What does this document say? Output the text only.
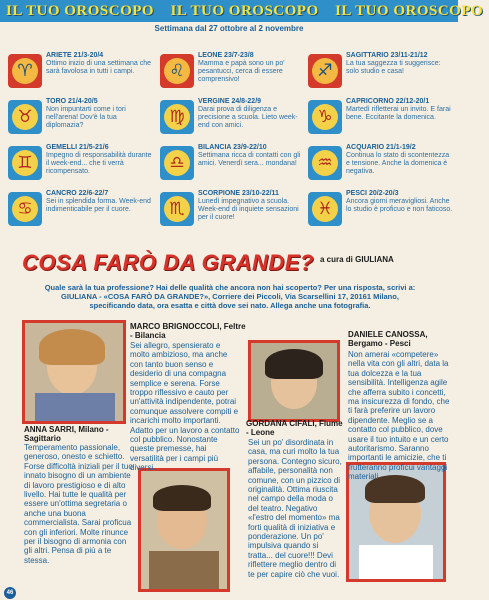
IL TUO OROSCOPO IL TUO OROSCOPO IL TUO OROSCOPO
Settimana dal 27 ottobre al 2 novembre
♈
ARIETE 21/3-20/4
Ottimo inizio di una settimana che sarà favolosa in tutti i campi.
♉
TORO 21/4-20/5
Non impuntarti come i tori nell'arena! Dov'è la tua diplomazia?
♊
GEMELLI 21/5-21/6
Impegno di responsabilità durante il week-end... che ti verrà ricompensato.
♋
CANCRO 22/6-22/7
Sei in splendida forma. Week-end indimenticabile per il cuore.
♌
LEONE 23/7-23/8
Mamma e papà sono un po' pesantucci, cerca di essere comprensivo!
♍
VERGINE 24/8-22/9
Darai prova di diligenza e precisione a scuola. Lieto week-end con amici.
♎
BILANCIA 23/9-22/10
Settimana ricca di contatti con gli amici. Venerdì sera... mondana!
♏
SCORPIONE 23/10-22/11
Lunedì impegnativo a scuola. Week-end di inquiete sensazioni per il cuore!
♐
SAGITTARIO 23/11-21/12
La tua saggezza ti suggerisce: solo studio e casa!
♑
CAPRICORNO 22/12-20/1
Martedì rifletterai un invito. E farai bene. Eccitante la domenica.
♒
ACQUARIO 21/1-19/2
Continua lo stato di scontentezza e tensione. Anche la domenica è negativa.
♓
PESCI 20/2-20/3
Ancora giorni meravigliosi. Anche lo studio è proficuo e non faticoso.
COSA FARÒ DA GRANDE? a cura di GIULIANA
Quale sarà la tua professione? Hai delle qualità che ancora non hai scoperto? Per una risposta, scrivi a: GIULIANA - «COSA FARÒ DA GRANDE?», Corriere dei Piccoli, Via Scarsellini 17, 20161 Milano, specificando data, ora esatta e città dove sei nato. Allega anche una fotografia.
ANNA SARRI, Milano - Sagittario
Temperamento passionale, generoso, onesto e schietto. Forse difficoltà iniziali per il tuo innato bisogno di un ambiente di lavoro prestigioso e di alto livello. Hai tutte le qualità per essere un'ottima segretaria o anche una buona commercialista. Sarai proficua con gli inferiori. Molte rinunce per il bisogno di armonia con gli altri. Pensa di più a te stessa.
MARCO BRIGNOCCOLI, Feltre - Bilancia
Sei allegro, spensierato e molto ambizioso, ma anche con tanto buon senso e desiderio di una compagna semplice e serena. Forse troppo riflessivo e cauto per un'attività indipendente, potrai comunque assolvere compiti e incarichi molto importanti. Adatto per un lavoro a contatto col pubblico. Nonostante queste premesse, hai versatilità per i campi più diversi.
GORDANA CIFALI, Fiume - Leone
Sei un po' disordinata in casa, ma curi molto la tua persona. Contegno sicuro, affabile, personalità non comune, con un pizzico di originalità. Ottima riuscita nel campo della moda o del teatro. Negativo «l'estro del momento» ma forti qualità di iniziativa e ponderazione. Un po' impulsiva quando si tratta... del cuore!!! Devi riflettere meglio dentro di te per capire ciò che vuoi.
DANIELE CANOSSA, Bergamo - Pesci
Non amerai «competere» nella vita con gli altri, data la tua dolcezza e la tua sensibilità. Intelligenza agile che afferra subito i concetti, ma insicurezza di fondo, che ti farà preferire un lavoro dipendente. Meglio se a contatto col pubblico, dove usare il tuo intuito e un certo autoritarismo. Saranno importanti le amicizie, che ti frutteranno proficui vantaggi materiali.
46
